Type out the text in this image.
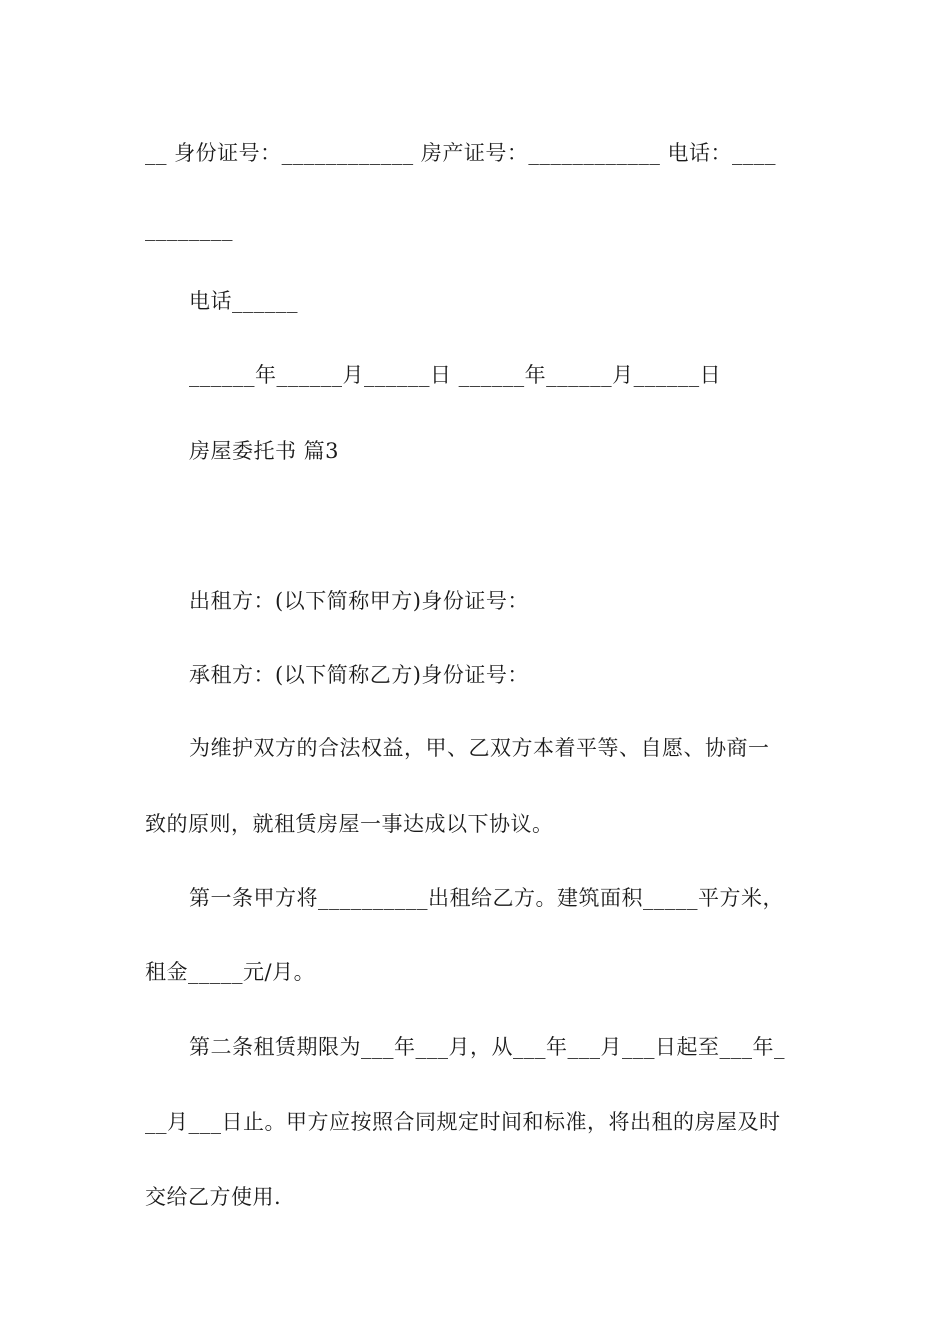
__ 身份证号：____________ 房产证号：____________ 电话：____
________
电话______
______年______月______日 ______年______月______日
房屋委托书 篇3
出租方：(以下简称甲方)身份证号：
承租方：(以下简称乙方)身份证号：
为维护双方的合法权益，甲、乙双方本着平等、自愿、协商一
致的原则，就租赁房屋一事达成以下协议。
第一条甲方将__________出租给乙方。建筑面积_____平方米，
租金_____元/月。
第二条租赁期限为___年___月，从___年___月___日起至___年_
__月___日止。甲方应按照合同规定时间和标准，将出租的房屋及时
交给乙方使用.
